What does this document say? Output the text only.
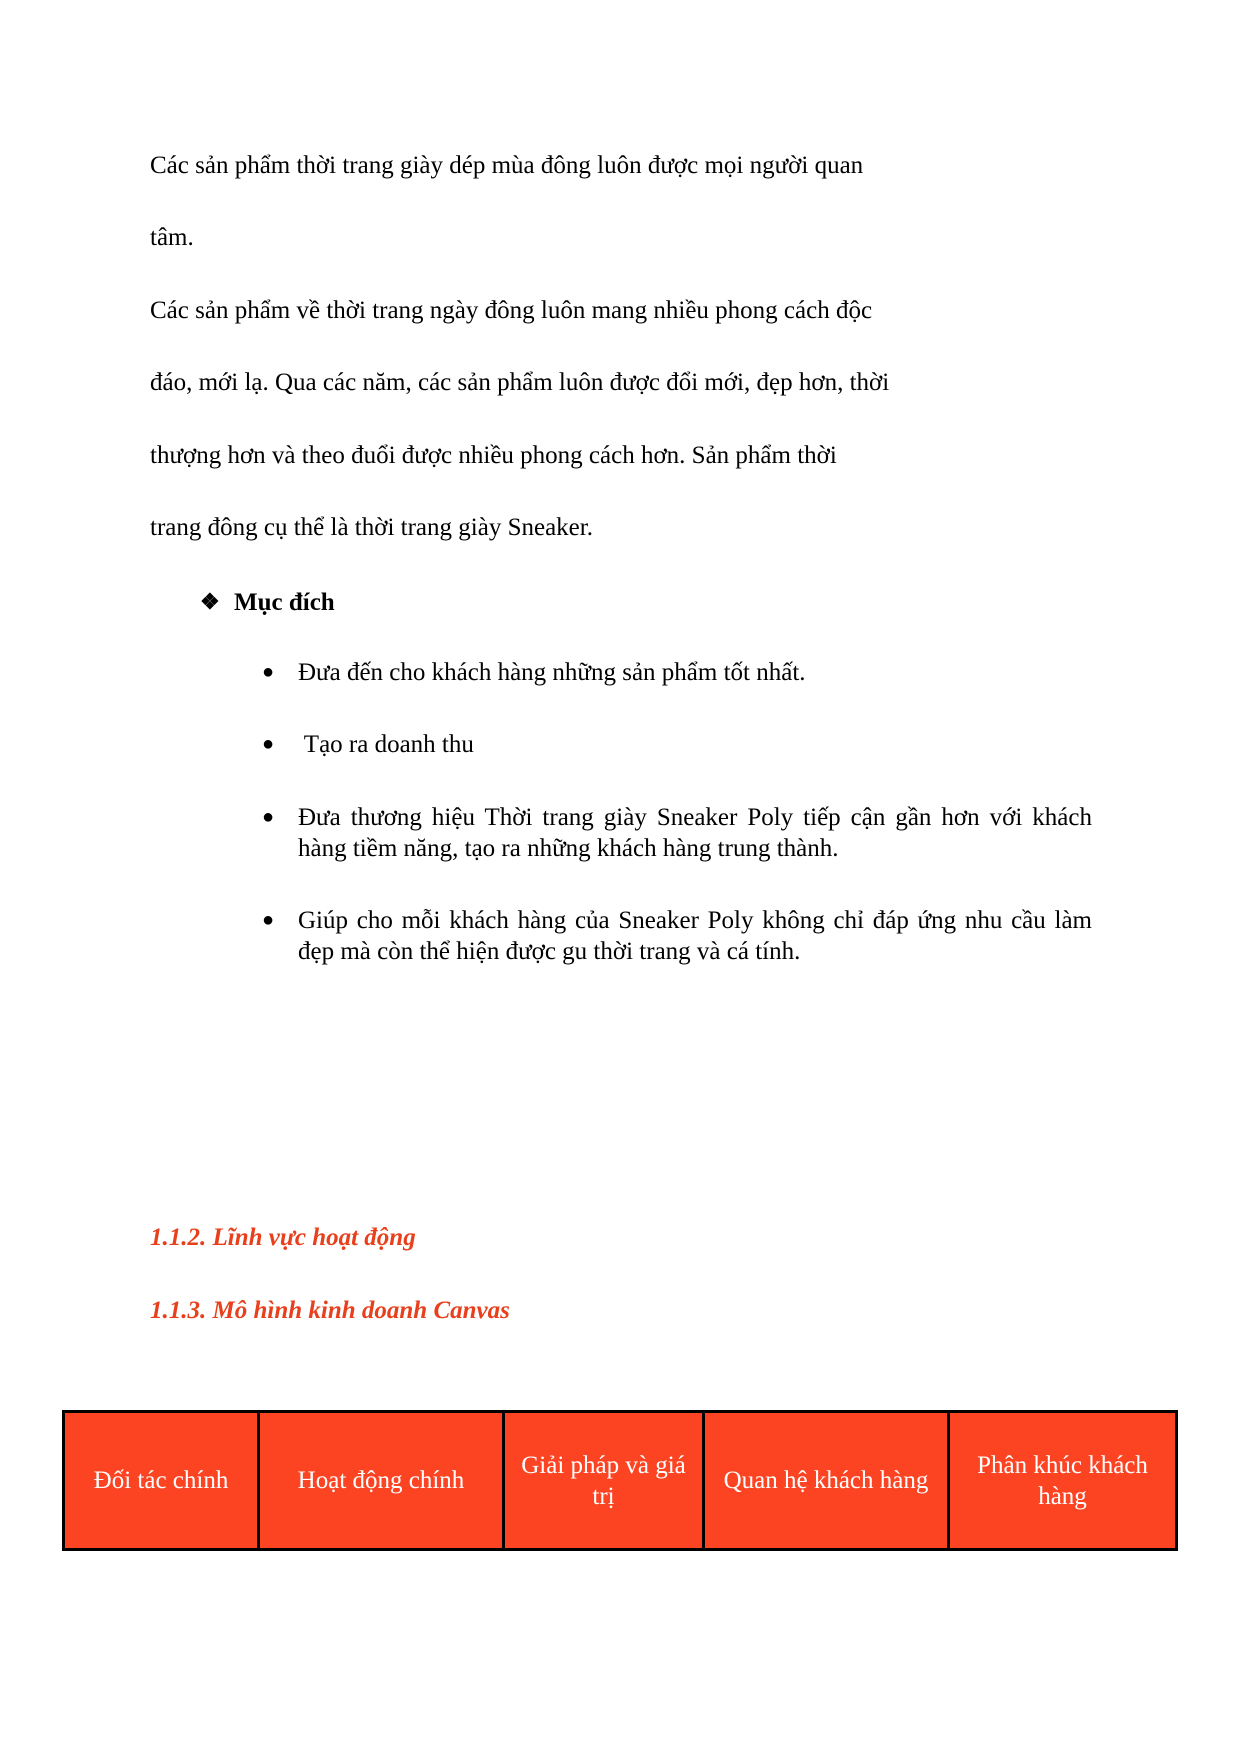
Các sản phẩm thời trang giày dép mùa đông luôn được mọi người quan
tâm.
Các sản phẩm về thời trang ngày đông luôn mang nhiều phong cách độc
đáo, mới lạ. Qua các năm, các sản phẩm luôn được đổi mới, đẹp hơn, thời
thượng hơn và theo đuổi được nhiều phong cách hơn. Sản phẩm thời
trang đông cụ thể là thời trang giày Sneaker.
❖ Mục đích
● Đưa đến cho khách hàng những sản phẩm tốt nhất.
● Tạo ra doanh thu
● Đưa thương hiệu Thời trang giày Sneaker Poly tiếp cận gần hơn với khách hàng tiềm năng, tạo ra những khách hàng trung thành.
● Giúp cho mỗi khách hàng của Sneaker Poly không chỉ đáp ứng nhu cầu làm đẹp mà còn thể hiện được gu thời trang và cá tính.
1.1.2. Lĩnh vực hoạt động
1.1.3. Mô hình kinh doanh Canvas
Đối tác chính	Hoạt động chính	Giải pháp và giá trị	Quan hệ khách hàng	Phân khúc khách hàng
